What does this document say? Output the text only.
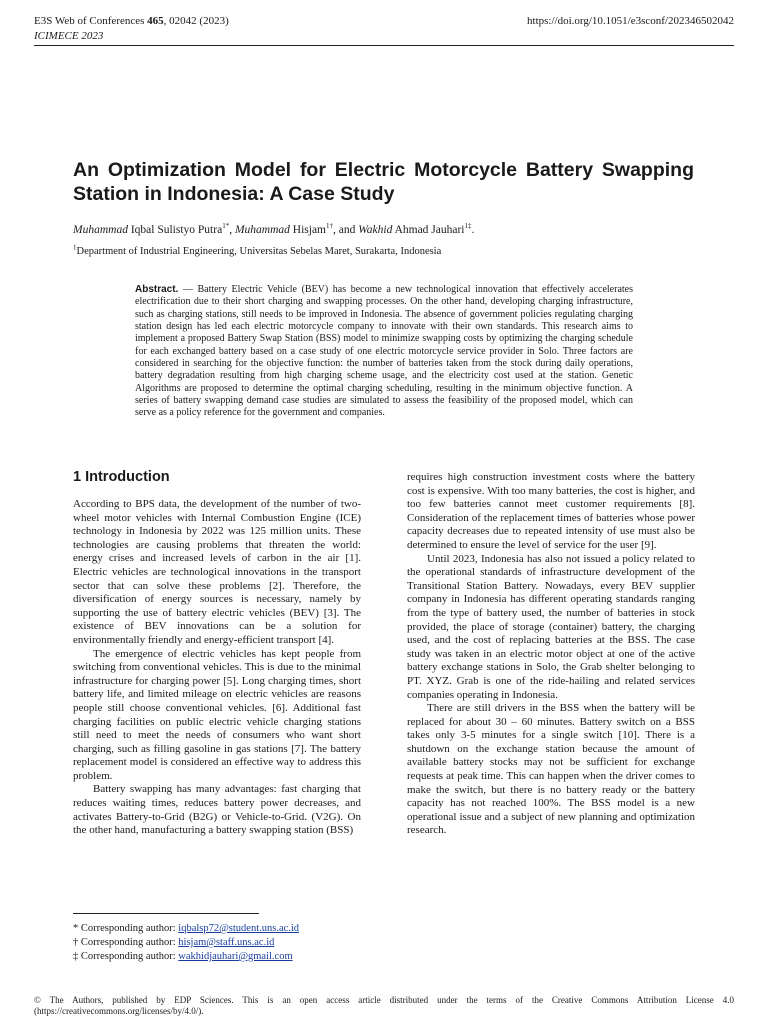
E3S Web of Conferences 465, 02042 (2023)
ICIMECE 2023
https://doi.org/10.1051/e3sconf/202346502042
An Optimization Model for Electric Motorcycle Battery Swapping Station in Indonesia: A Case Study
Muhammad Iqbal Sulistyo Putra$^{1*}$, Muhammad Hisjam$^{1\dagger}$, and Wakhid Ahmad Jauhari$^{1\ddagger}$.
$^1$Department of Industrial Engineering, Universitas Sebelas Maret, Surakarta, Indonesia

Abstract. — Battery Electric Vehicle (BEV) has become a new technological innovation that effectively accelerates electrification due to their short charging and swapping processes. On the other hand, developing charging infrastructure, such as charging stations, still needs to be improved in Indonesia. The absence of government policies regulating charging station design has led each electric motorcycle company to innovate with their own standards. This research aims to implement a proposed Battery Swap Station (BSS) model to minimize swapping costs by optimizing the charging schedule for each exchanged battery based on a case study of one electric motorcycle service provider in Solo. Three factors are considered in searching for the objective function: the number of batteries taken from the stock during daily operations, battery degradation resulting from high charging scheme usage, and the electricity cost used at the station. Genetic Algorithms are proposed to determine the optimal charging scheduling, resulting in the minimum objective function. A series of battery swapping demand case studies are simulated to assess the feasibility of the proposed model, which can serve as a policy reference for the government and companies.

1 Introduction

According to BPS data, the development of the number of two-wheel motor vehicles with Internal Combustion Engine (ICE) technology in Indonesia by 2022 was 125 million units. These technologies are causing problems that threaten the world: energy crises and increased levels of carbon in the air [1]. Electric vehicles are technological innovations in the transport sector that can solve these problems [2]. Therefore, the diversification of energy sources is necessary, namely by supporting the use of battery electric vehicles (BEV) [3]. The existence of BEV innovations can be a solution for environmentally friendly and energy-efficient transport [4].

The emergence of electric vehicles has kept people from switching from conventional vehicles. This is due to the minimal infrastructure for charging power [5]. Long charging times, short battery life, and limited mileage on electric vehicles are reasons people still choose conventional vehicles. [6]. Additional fast charging facilities on public electric vehicle charging stations still need to meet the needs of consumers who want short charging, such as filling gasoline in gas stations [7]. The battery replacement model is considered an effective way to address this problem.

Battery swapping has many advantages: fast charging that reduces waiting times, reduces battery power decreases, and activates Battery-to-Grid (B2G) or Vehicle-to-Grid. (V2G). On the other hand, manufacturing a battery swapping station (BSS)

requires high construction investment costs where the battery cost is expensive. With too many batteries, the cost is higher, and too few batteries cannot meet customer requirements [8]. Consideration of the replacement times of batteries whose power capacity decreases due to repeated intensity of use must also be determined to ensure the level of service for the user [9].

Until 2023, Indonesia has also not issued a policy related to the operational standards of infrastructure development of the Transitional Station Battery. Nowadays, every BEV supplier company in Indonesia has different operating standards ranging from the type of battery used, the number of batteries in stock provided, the place of storage (container) battery, the charging used, and the cost of replacing batteries at the BSS. The case study was taken in an electric motor object at one of the active battery exchange stations in Solo, the Grab shelter belonging to PT. XYZ. Grab is one of the ride-hailing and related services companies operating in Indonesia.

There are still drivers in the BSS when the battery will be replaced for about 30 – 60 minutes. Battery switch on a BSS takes only 3-5 minutes for a single switch [10]. There is a shutdown on the exchange station because the amount of available battery stocks may not be sufficient for exchange requests at peak time. This can happen when the driver comes to make the switch, but there is no battery ready or the battery capacity has not reached 100%. The BSS model is a new operational issue and a subject of new planning and optimization research.

* Corresponding author: iqbalsp72@student.uns.ac.id
† Corresponding author: hisjam@staff.uns.ac.id
‡ Corresponding author: wakhidjauhari@gmail.com

© The Authors, published by EDP Sciences. This is an open access article distributed under the terms of the Creative Commons Attribution License 4.0 (https://creativecommons.org/licenses/by/4.0/).
